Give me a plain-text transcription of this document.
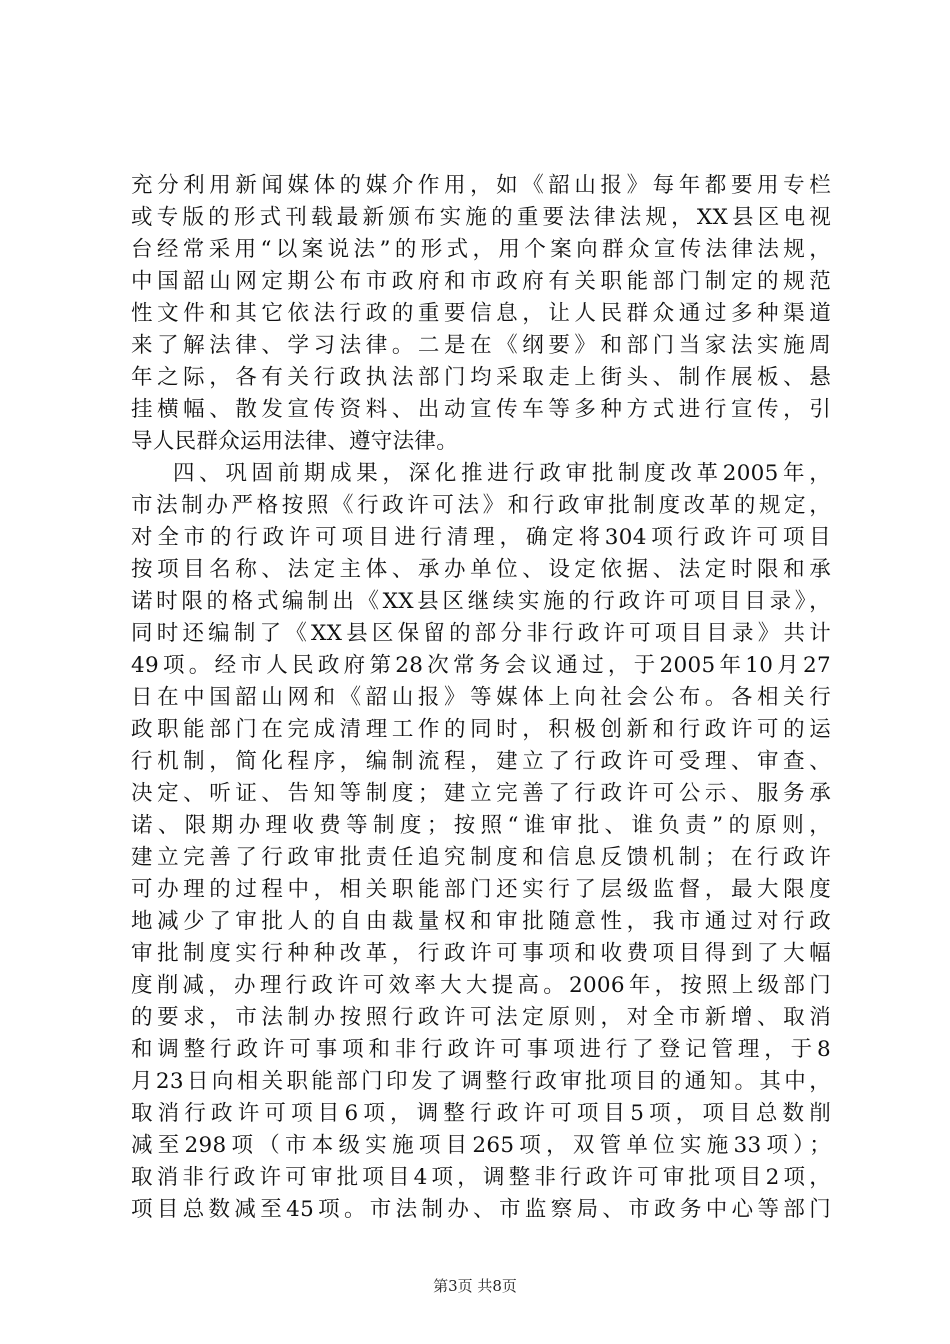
充分利用新闻媒体的媒介作用，如《韶山报》每年都要用专栏
或专版的形式刊载最新颁布实施的重要法律法规，XX县区电视
台经常采用“以案说法”的形式，用个案向群众宣传法律法规，
中国韶山网定期公布市政府和市政府有关职能部门制定的规范
性文件和其它依法行政的重要信息，让人民群众通过多种渠道
来了解法律、学习法律。二是在《纲要》和部门当家法实施周
年之际，各有关行政执法部门均采取走上街头、制作展板、悬
挂横幅、散发宣传资料、出动宣传车等多种方式进行宣传，引
导人民群众运用法律、遵守法律。
四、巩固前期成果，深化推进行政审批制度改革2005年，
市法制办严格按照《行政许可法》和行政审批制度改革的规定，
对全市的行政许可项目进行清理，确定将304项行政许可项目
按项目名称、法定主体、承办单位、设定依据、法定时限和承
诺时限的格式编制出《XX县区继续实施的行政许可项目目录》，
同时还编制了《XX县区保留的部分非行政许可项目目录》共计
49项。经市人民政府第28次常务会议通过，于2005年10月27
日在中国韶山网和《韶山报》等媒体上向社会公布。各相关行
政职能部门在完成清理工作的同时，积极创新和行政许可的运
行机制，简化程序，编制流程，建立了行政许可受理、审查、
决定、听证、告知等制度；建立完善了行政许可公示、服务承
诺、限期办理收费等制度；按照“谁审批、谁负责”的原则，
建立完善了行政审批责任追究制度和信息反馈机制；在行政许
可办理的过程中，相关职能部门还实行了层级监督，最大限度
地减少了审批人的自由裁量权和审批随意性，我市通过对行政
审批制度实行种种改革，行政许可事项和收费项目得到了大幅
度削减，办理行政许可效率大大提高。2006年，按照上级部门
的要求，市法制办按照行政许可法定原则，对全市新增、取消
和调整行政许可事项和非行政许可事项进行了登记管理，于8
月23日向相关职能部门印发了调整行政审批项目的通知。其中，
取消行政许可项目6项，调整行政许可项目5项，项目总数削
减至298项（市本级实施项目265项，双管单位实施33项）；
取消非行政许可审批项目4项，调整非行政许可审批项目2项，
项目总数减至45项。市法制办、市监察局、市政务中心等部门
第3页 共8页
